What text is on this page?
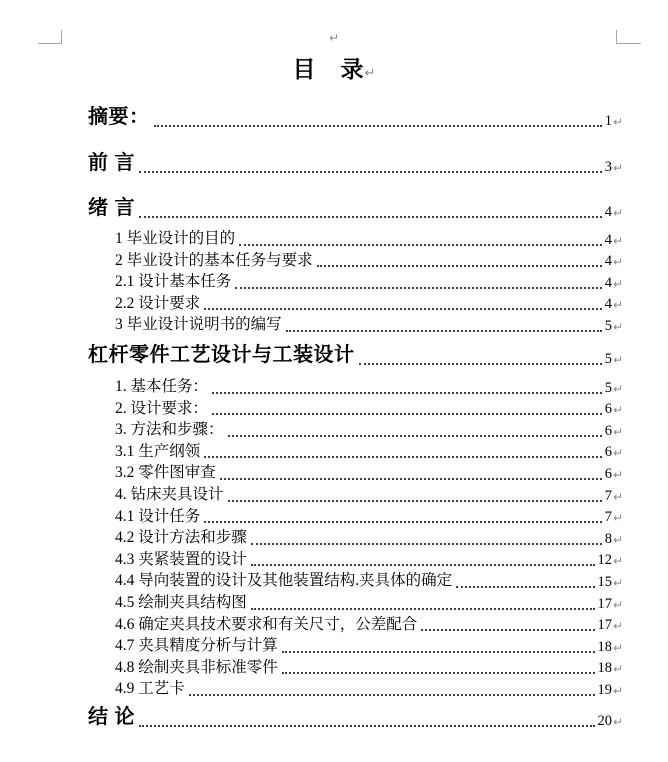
↵
目　录↵
摘要：	1 ↵
前 言	3 ↵
绪 言	4 ↵
1 毕业设计的目的	4 ↵
2 毕业设计的基本任务与要求	4 ↵
2.1 设计基本任务	4 ↵
2.2 设计要求	4 ↵
3 毕业设计说明书的编写	5 ↵
杠杆零件工艺设计与工装设计	5 ↵
1. 基本任务：	5 ↵
2. 设计要求：	6 ↵
3. 方法和步骤：	6 ↵
3.1 生产纲领	6 ↵
3.2 零件图审查	6 ↵
4. 钻床夹具设计	7 ↵
4.1 设计任务	7 ↵
4.2 设计方法和步骤	8 ↵
4.3 夹紧装置的设计	12 ↵
4.4 导向装置的设计及其他装置结构.夹具体的确定	15 ↵
4.5 绘制夹具结构图	17 ↵
4.6 确定夹具技术要求和有关尺寸，公差配合	17 ↵
4.7 夹具精度分析与计算	18 ↵
4.8 绘制夹具非标准零件	18 ↵
4.9 工艺卡	19 ↵
结 论	20 ↵
